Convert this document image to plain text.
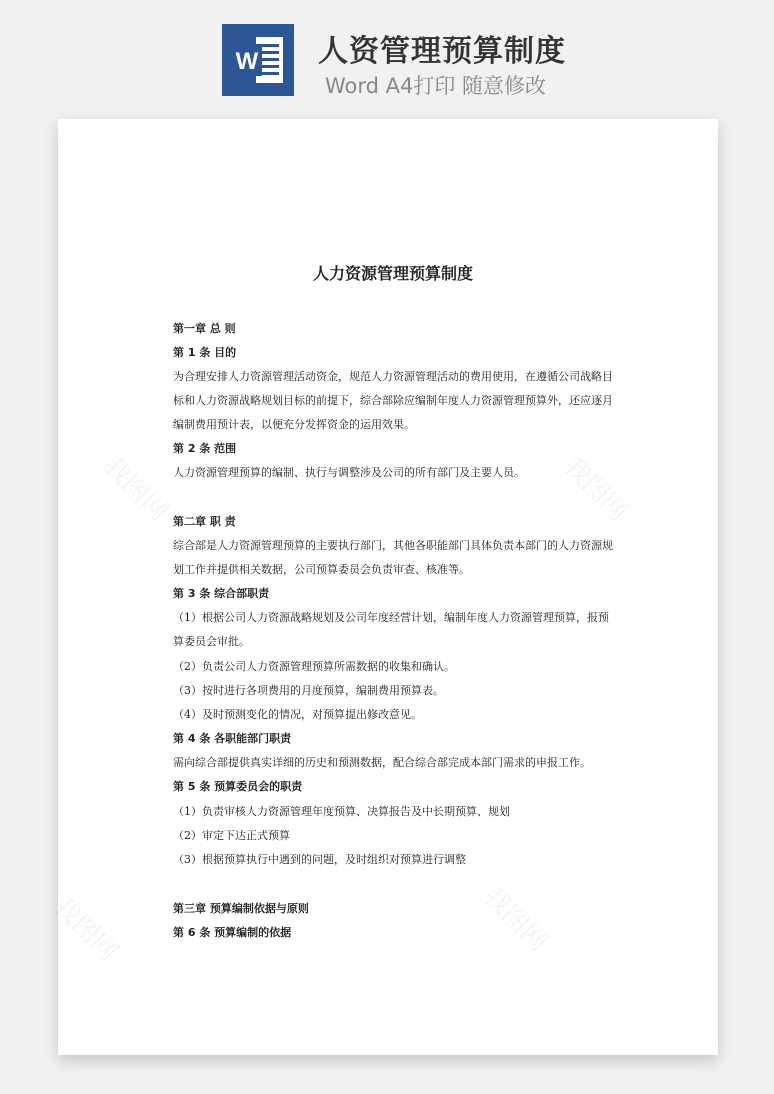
W 人资管理预算制度
Word A4打印 随意修改
我图网	我图网
我图网
我图网
人力资源管理预算制度
第一章 总 则
第 1 条 目的
为合理安排人力资源管理活动资金，规范人力资源管理活动的费用使用，在遵循公司战略目
标和人力资源战略规划目标的前提下，综合部除应编制年度人力资源管理预算外，还应逐月
编制费用预计表，以便充分发挥资金的运用效果。
第 2 条 范围
人力资源管理预算的编制、执行与调整涉及公司的所有部门及主要人员。
第二章 职 责
综合部是人力资源管理预算的主要执行部门，其他各职能部门具体负责本部门的人力资源规
划工作并提供相关数据，公司预算委员会负责审查、核准等。
第 3 条 综合部职责
（1）根据公司人力资源战略规划及公司年度经营计划，编制年度人力资源管理预算，报预
算委员会审批。
（2）负责公司人力资源管理预算所需数据的收集和确认。
（3）按时进行各项费用的月度预算，编制费用预算表。
（4）及时预测变化的情况，对预算提出修改意见。
第 4 条 各职能部门职责
需向综合部提供真实详细的历史和预测数据，配合综合部完成本部门需求的申报工作。
第 5 条 预算委员会的职责
（1）负责审核人力资源管理年度预算、决算报告及中长期预算、规划
（2）审定下达正式预算
（3）根据预算执行中遇到的问题，及时组织对预算进行调整
第三章 预算编制依据与原则
第 6 条 预算编制的依据
